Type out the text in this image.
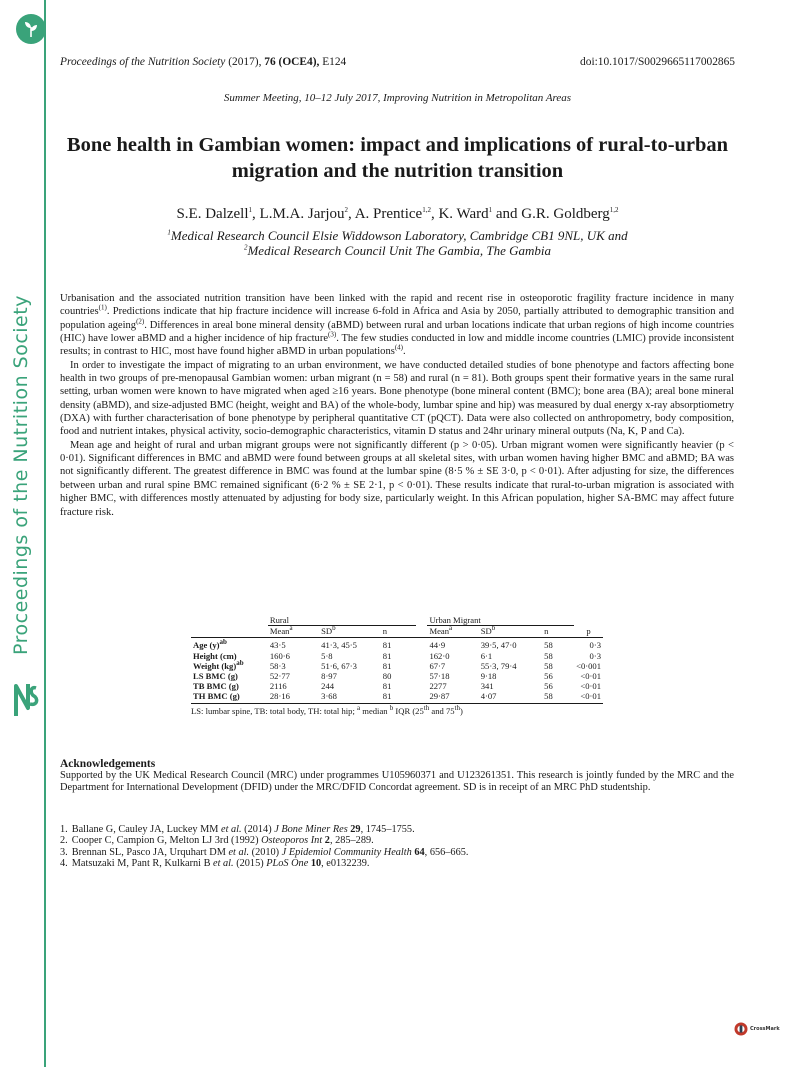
Proceedings of the Nutrition Society
Proceedings of the Nutrition Society (2017), 76 (OCE4), E124	doi:10.1017/S0029665117002865
Summer Meeting, 10–12 July 2017, Improving Nutrition in Metropolitan Areas
Bone health in Gambian women: impact and implications of rural-to-urban
migration and the nutrition transition
S.E. Dalzell$^1$, L.M.A. Jarjou$^2$, A. Prentice$^{1,2}$, K. Ward$^1$ and G.R. Goldberg$^{1,2}$
$^1$Medical Research Council Elsie Widdowson Laboratory, Cambridge CB1 9NL, UK and
$^2$Medical Research Council Unit The Gambia, The Gambia

Urbanisation and the associated nutrition transition have been linked with the rapid and recent rise in osteoporotic fragility fracture incidence in many countries$^{(1)}$. Predictions indicate that hip fracture incidence will increase 6-fold in Africa and Asia by 2050, partially attributed to demographic transition and population ageing$^{(2)}$. Differences in areal bone mineral density (aBMD) between rural and urban locations indicate that urban regions of high income countries (HIC) have lower aBMD and a higher incidence of hip fracture$^{(3)}$. The few studies conducted in low and middle income countries (LMIC) provide inconsistent results; in contrast to HIC, most have found higher aBMD in urban populations$^{(4)}$.

In order to investigate the impact of migrating to an urban environment, we have conducted detailed studies of bone phenotype and factors affecting bone health in two groups of pre-menopausal Gambian women: urban migrant (n = 58) and rural (n = 81). Both groups spent their formative years in the same rural setting, urban women were known to have migrated when aged ≥16 years. Bone phenotype (bone mineral content (BMC); bone area (BA); areal bone mineral density (aBMD), and size-adjusted BMC (height, weight and BA) of the whole-body, lumbar spine and hip) was measured by dual energy x-ray absorptiometry (DXA) with further characterisation of bone phenotype by peripheral quantitative CT (pQCT). Data were also collected on anthropometry, body composition, food and nutrient intakes, physical activity, socio-demographic characteristics, vitamin D status and 24hr urinary mineral outputs (Na, K, P and Ca).

Mean age and height of rural and urban migrant groups were not significantly different (p > 0·05). Urban migrant women were significantly heavier (p < 0·01). Significant differences in BMC and aBMD were found between groups at all skeletal sites, with urban women having higher BMC and aBMD; BA was not significantly different. The greatest difference in BMC was found at the lumbar spine (8·5 % ± SE 3·0, p < 0·01). After adjusting for size, the differences between urban and rural spine BMC remained significant (6·2 % ± SE 2·1, p < 0·01). These results indicate that rural-to-urban migration is associated with higher BMC, with differences mostly attenuated by adjusting for body size, particularly weight. In this African population, higher SA-BMC may affect future fracture risk.

	Rural				Urban Migrant			
	Mean$^a$	$SD^b$	n		Mean$^a$	$SD^b$	n	p
Age $(y)^{ab}$	43·5	41·3, 45·5	81		44·9	39·5, 47·0	58	0·3
Height (cm)	160·6	5·8	81		162·0	6·1	58	0·3
Weight (kg)$^{ab}$	58·3	51·6, 67·3	81		67·7	55·3, 79·4	58	<0·001
LS BMC (g)	52·77	8·97	80		57·18	9·18	56	<0·01
TB BMC (g)	2116	244	81		2277	341	56	<0·01
TH BMC (g)	28·16	3·68	81		29·87	4·07	58	<0·01
LS: lumbar spine, TB: total body, TH: total hip; $^a$ median $^b$ IQR (25th and 75th)
Acknowledgements
Supported by the UK Medical Research Council (MRC) under programmes U105960371 and U123261351. This research is jointly funded by the MRC and the Department for International Development (DFID) under the MRC/DFID Concordat agreement. SD is in receipt of an MRC PhD studentship.
1. Ballane G, Cauley JA, Luckey MM et al. (2014) J Bone Miner Res 29, 1745–1755.
2. Cooper C, Campion G, Melton LJ 3rd (1992) Osteoporos Int 2, 285–289.
3. Brennan SL, Pasco JA, Urquhart DM et al. (2010) J Epidemiol Community Health 64, 656–665.
4. Matsuzaki M, Pant R, Kulkarni B et al. (2015) PLoS One 10, e0132239.
CrossMark
